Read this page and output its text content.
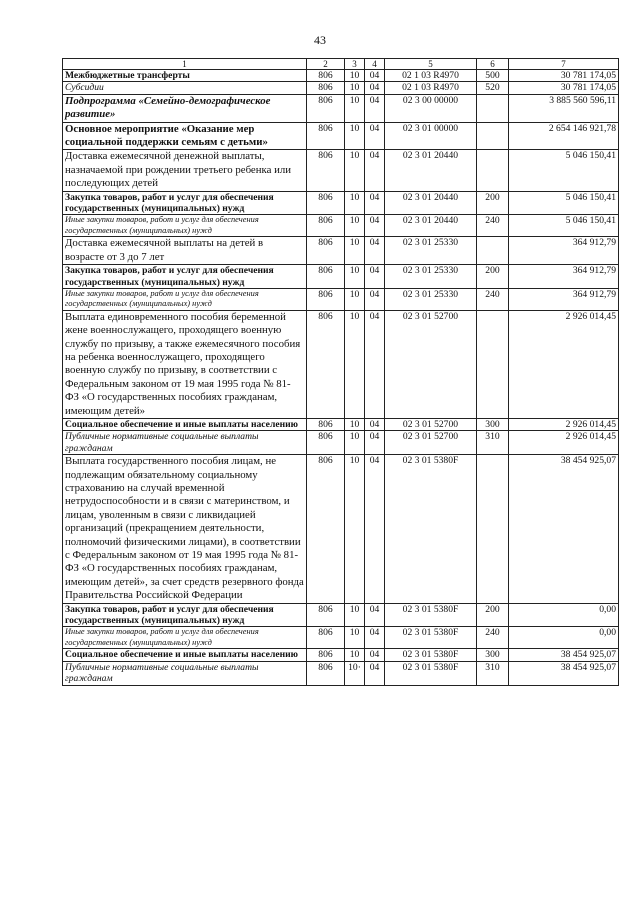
43
1	2	3	4	5	6	7
Межбюджетные трансферты	806	10	04	02 1 03 R4970	500	30 781 174,05
Субсидии	806	10	04	02 1 03 R4970	520	30 781 174,05
Подпрограмма «Семейно-демографическое развитие»	806	10	04	02 3 00 00000		3 885 560 596,11
Основное мероприятие «Оказание мер социальной поддержки семьям с детьми»	806	10	04	02 3 01 00000		2 654 146 921,78
Доставка ежемесячной денежной выплаты, назначаемой при рождении третьего ребенка или последующих детей	806	10	04	02 3 01 20440		5 046 150,41
Закупка товаров, работ и услуг для обеспечения государственных (муниципальных) нужд	806	10	04	02 3 01 20440	200	5 046 150,41
Иные закупки товаров, работ и услуг для обеспечения государственных (муниципальных) нужд	806	10	04	02 3 01 20440	240	5 046 150,41
Доставка ежемесячной выплаты на детей в возрасте от 3 до 7 лет	806	10	04	02 3 01 25330		364 912,79
Закупка товаров, работ и услуг для обеспечения государственных (муниципальных) нужд	806	10	04	02 3 01 25330	200	364 912,79
Иные закупки товаров, работ и услуг для обеспечения государственных (муниципальных) нужд	806	10	04	02 3 01 25330	240	364 912,79
Выплата единовременного пособия беременной жене военнослужащего, проходящего военную службу по призыву, а также ежемесячного пособия на ребенка военнослужащего, проходящего военную службу по призыву, в соответствии с Федеральным законом от 19 мая 1995 года № 81-ФЗ «О государственных пособиях гражданам, имеющим детей»	806	10	04	02 3 01 52700		2 926 014,45
Социальное обеспечение и иные выплаты населению	806	10	04	02 3 01 52700	300	2 926 014,45
Публичные нормативные социальные выплаты гражданам	806	10	04	02 3 01 52700	310	2 926 014,45
Выплата государственного пособия лицам, не подлежащим обязательному социальному страхованию на случай временной нетрудоспособности и в связи с материнством, и лицам, уволенным в связи с ликвидацией организаций (прекращением деятельности, полномочий физическими лицами), в соответствии с Федеральным законом от 19 мая 1995 года № 81-ФЗ «О государственных пособиях гражданам, имеющим детей», за счет средств резервного фонда Правительства Российской Федерации	806	10	04	02 3 01 5380F		38 454 925,07
Закупка товаров, работ и услуг для обеспечения государственных (муниципальных) нужд	806	10	04	02 3 01 5380F	200	0,00
Иные закупки товаров, работ и услуг для обеспечения государственных (муниципальных) нужд	806	10	04	02 3 01 5380F	240	0,00
Социальное обеспечение и иные выплаты населению	806	10	04	02 3 01 5380F	300	38 454 925,07
Публичные нормативные социальные выплаты гражданам	806	10·	04	02 3 01 5380F	310	38 454 925,07
